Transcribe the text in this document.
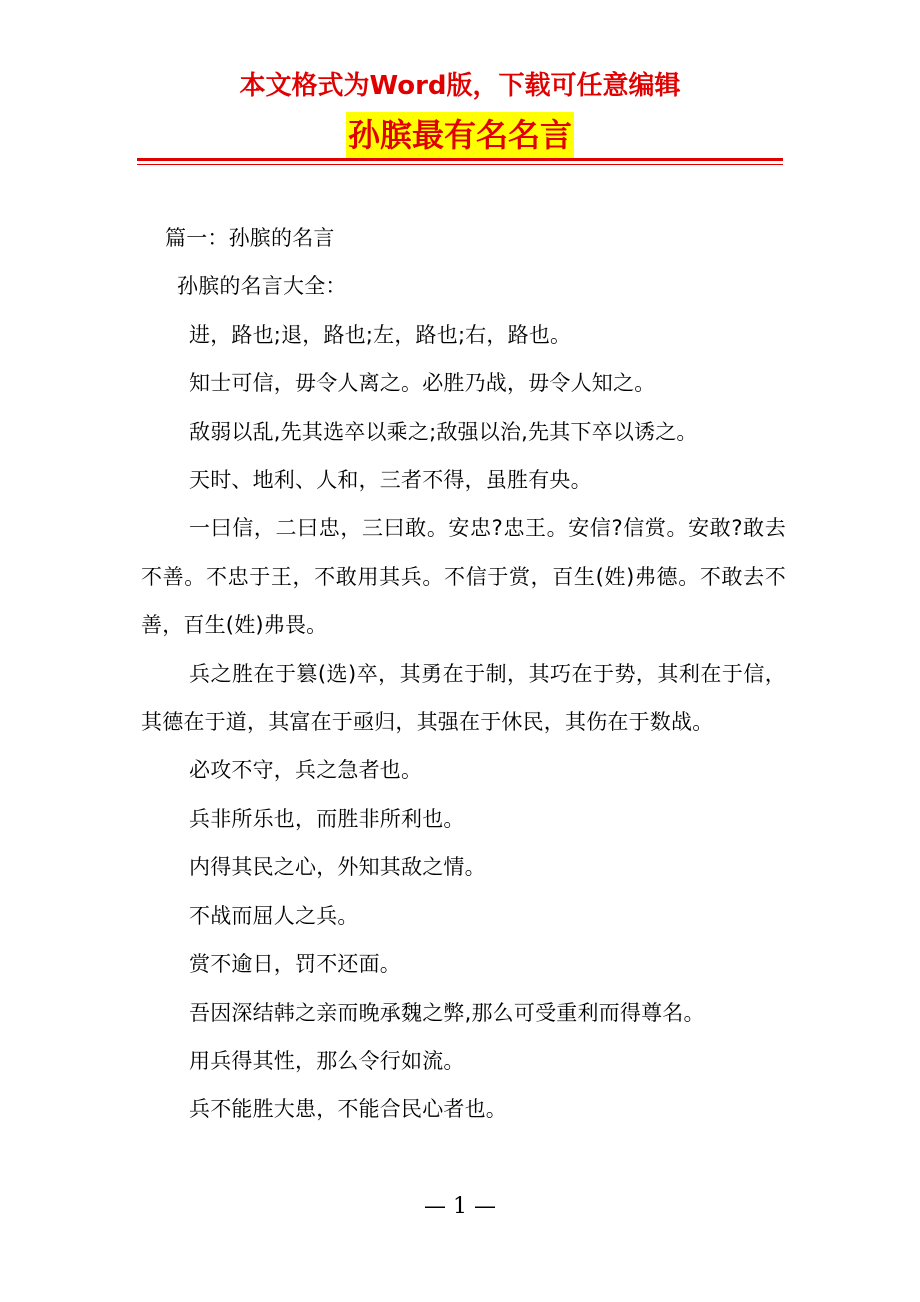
本文格式为Word版，下载可任意编辑
孙膑最有名名言

篇一：孙膑的名言

孙膑的名言大全：

进，路也;退，路也;左，路也;右，路也。

知士可信，毋令人离之。必胜乃战，毋令人知之。

敌弱以乱,先其选卒以乘之;敌强以治,先其下卒以诱之。

天时、地利、人和，三者不得，虽胜有央。

一曰信，二曰忠，三曰敢。安忠?忠王。安信?信赏。安敢?敢去不善。不忠于王，不敢用其兵。不信于赏，百生(姓)弗德。不敢去不善，百生(姓)弗畏。

兵之胜在于篡(选)卒，其勇在于制，其巧在于势，其利在于信，其德在于道，其富在于亟归，其强在于休民，其伤在于数战。

必攻不守，兵之急者也。

兵非所乐也，而胜非所利也。

内得其民之心，外知其敌之情。

不战而屈人之兵。

赏不逾日，罚不还面。

吾因深结韩之亲而晚承魏之弊,那么可受重利而得尊名。

用兵得其性，那么令行如流。

兵不能胜大患，不能合民心者也。

— 1 —
